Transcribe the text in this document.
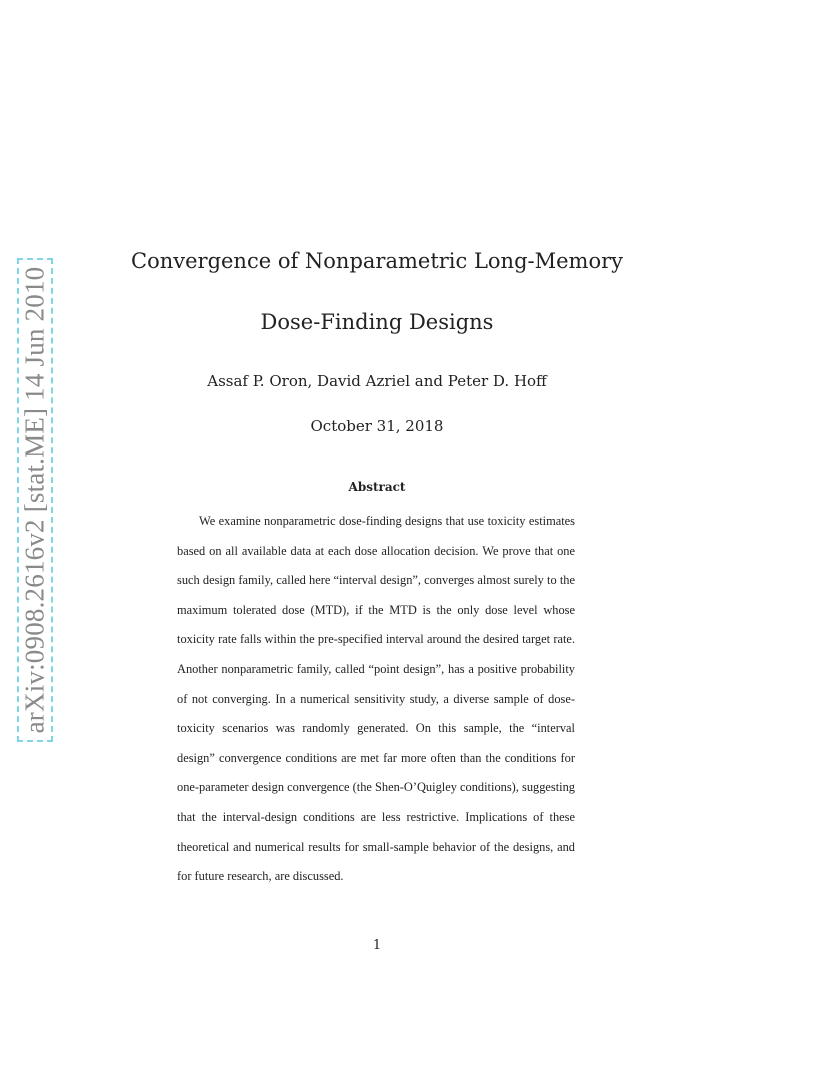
arXiv:0908.2616v2 [stat.ME] 14 Jun 2010
Convergence of Nonparametric Long-Memory
Dose-Finding Designs
Assaf P. Oron, David Azriel and Peter D. Hoff
October 31, 2018
Abstract

We examine nonparametric dose-finding designs that use toxicity estimates based on all available data at each dose allocation decision. We prove that one such design family, called here “interval design”, converges almost surely to the maximum tolerated dose (MTD), if the MTD is the only dose level whose toxicity rate falls within the pre-specified interval around the desired target rate. Another nonparametric family, called “point design”, has a positive probability of not converging. In a numerical sensitivity study, a diverse sample of dose-toxicity scenarios was randomly generated. On this sample, the “interval design” convergence conditions are met far more often than the conditions for one-parameter design convergence (the Shen-O’Quigley conditions), suggesting that the interval-design conditions are less restrictive. Implications of these theoretical and numerical results for small-sample behavior of the designs, and for future research, are discussed.

1
